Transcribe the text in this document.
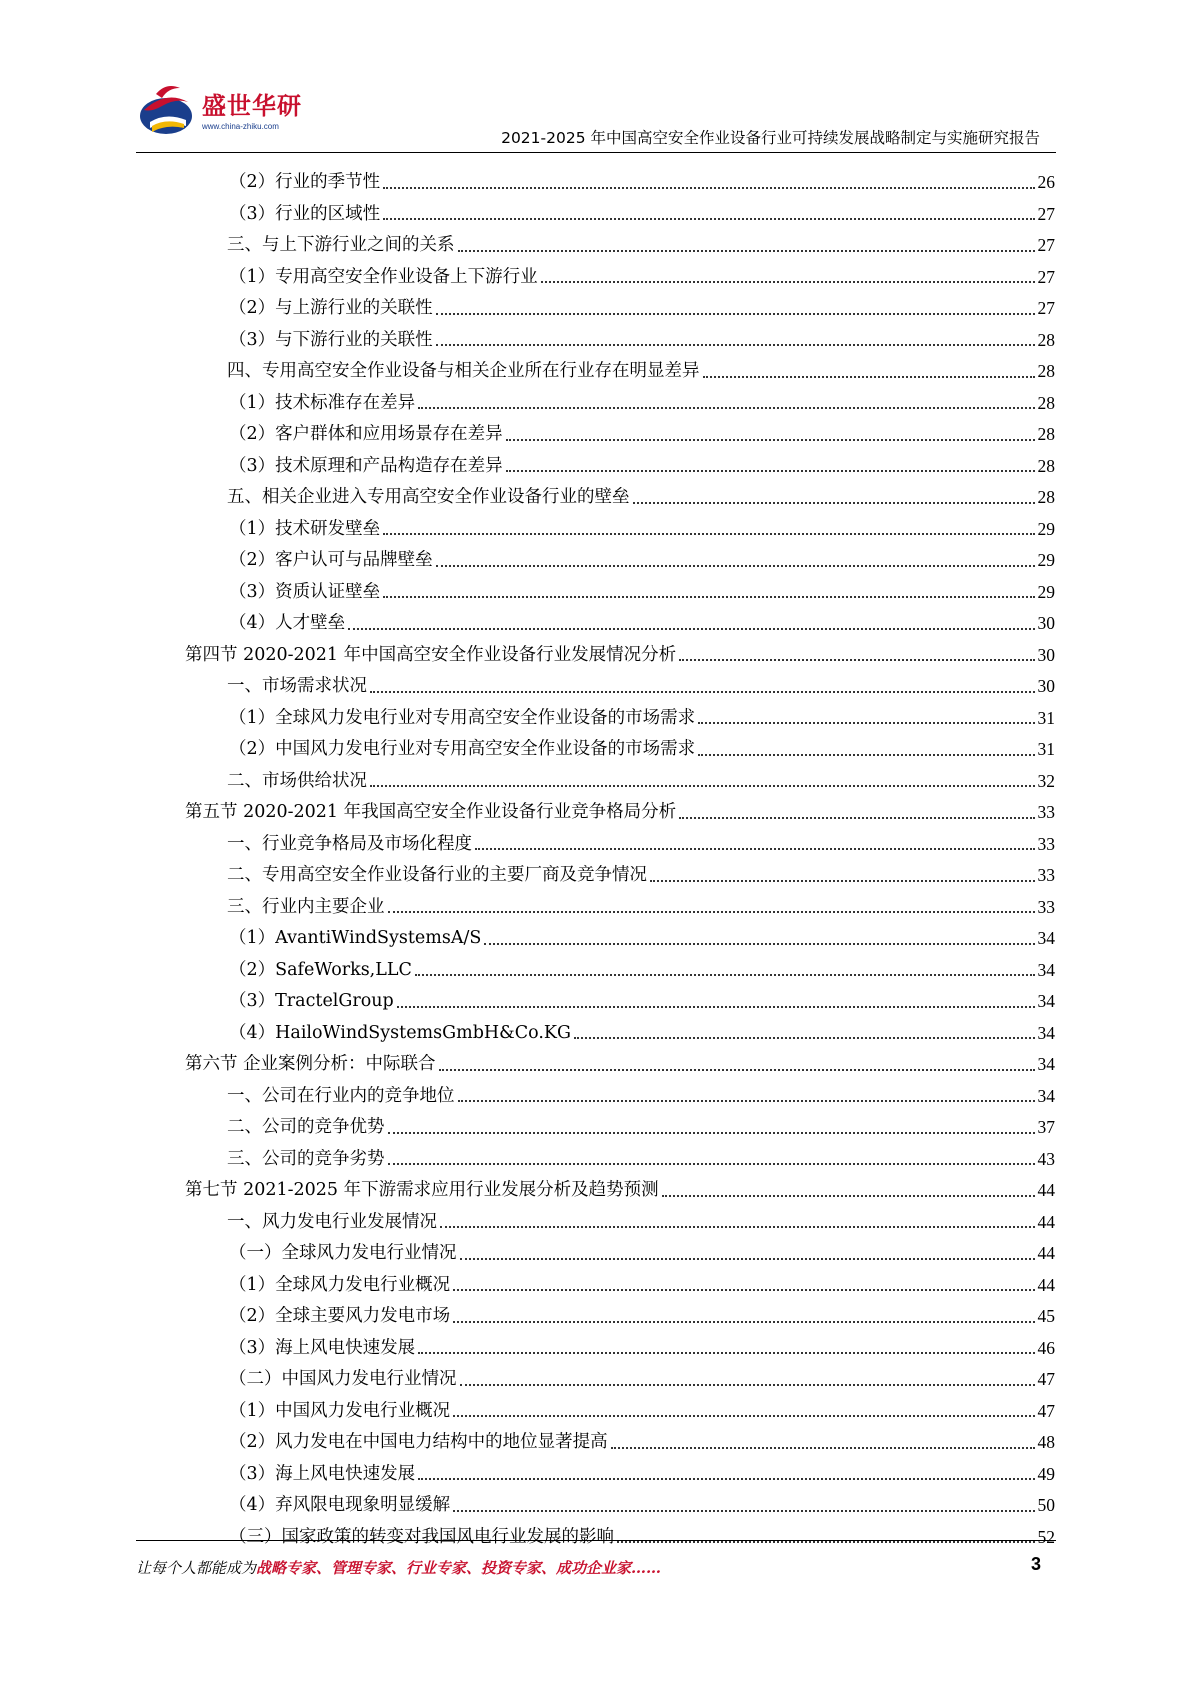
盛世华研
www.china-zhiku.com
2021-2025 年中国高空安全作业设备行业可持续发展战略制定与实施研究报告
（2）行业的季节性	26
（3）行业的区域性	27
三、与上下游行业之间的关系	27
（1）专用高空安全作业设备上下游行业	27
（2）与上游行业的关联性	27
（3）与下游行业的关联性	28
四、专用高空安全作业设备与相关企业所在行业存在明显差异	28
（1）技术标准存在差异	28
（2）客户群体和应用场景存在差异	28
（3）技术原理和产品构造存在差异	28
五、相关企业进入专用高空安全作业设备行业的壁垒	28
（1）技术研发壁垒	29
（2）客户认可与品牌壁垒	29
（3）资质认证壁垒	29
（4）人才壁垒	30
第四节 2020-2021 年中国高空安全作业设备行业发展情况分析	30
一、市场需求状况	30
（1）全球风力发电行业对专用高空安全作业设备的市场需求	31
（2）中国风力发电行业对专用高空安全作业设备的市场需求	31
二、市场供给状况	32
第五节 2020-2021 年我国高空安全作业设备行业竞争格局分析	33
一、行业竞争格局及市场化程度	33
二、专用高空安全作业设备行业的主要厂商及竞争情况	33
三、行业内主要企业	33
（1）AvantiWindSystemsA/S	34
（2）SafeWorks,LLC	34
（3）TractelGroup	34
（4）HailoWindSystemsGmbH&Co.KG	34
第六节 企业案例分析：中际联合	34
一、公司在行业内的竞争地位	34
二、公司的竞争优势	37
三、公司的竞争劣势	43
第七节 2021-2025 年下游需求应用行业发展分析及趋势预测	44
一、风力发电行业发展情况	44
（一）全球风力发电行业情况	44
（1）全球风力发电行业概况	44
（2）全球主要风力发电市场	45
（3）海上风电快速发展	46
（二）中国风力发电行业情况	47
（1）中国风力发电行业概况	47
（2）风力发电在中国电力结构中的地位显著提高	48
（3）海上风电快速发展	49
（4）弃风限电现象明显缓解	50
（三）国家政策的转变对我国风电行业发展的影响	52
让每个人都能成为战略专家、管理专家、行业专家、投资专家、成功企业家……	3
